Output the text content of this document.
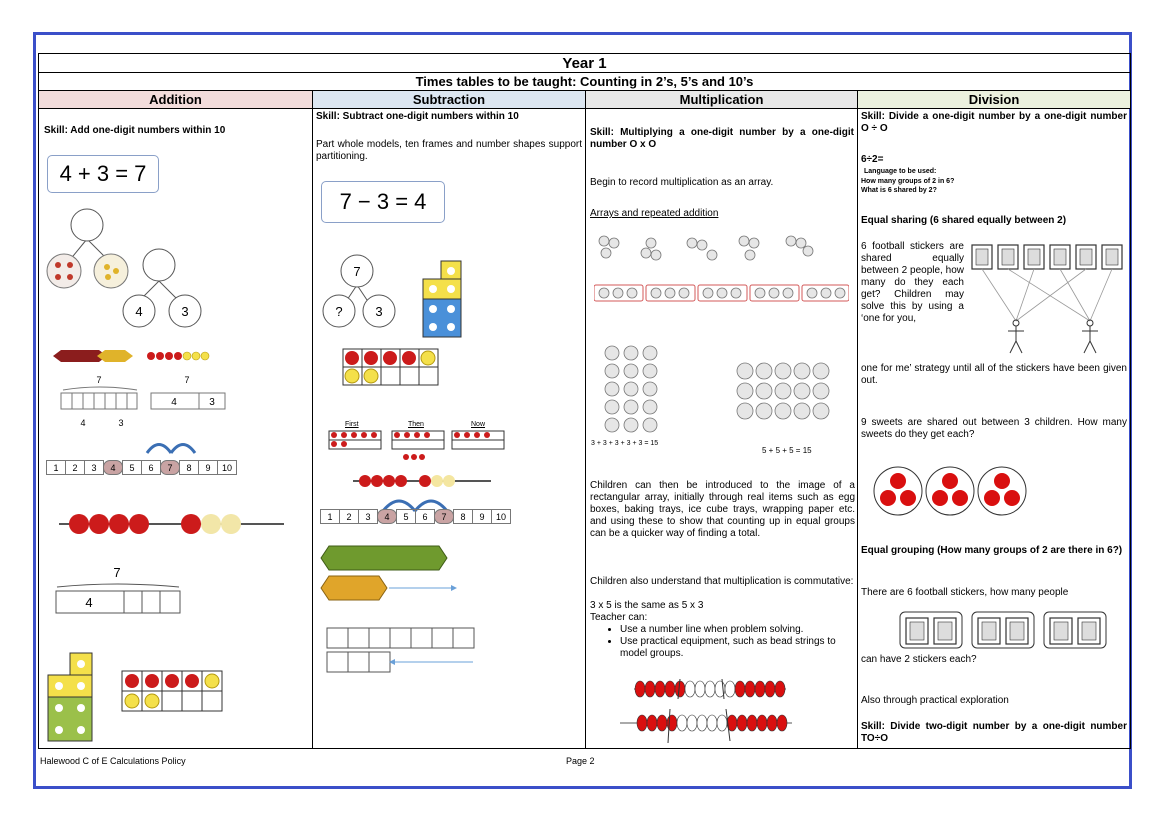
Year 1
Times tables to be taught: Counting in 2’s, 5’s and 10’s
Addition
Skill: Add one-digit numbers within 10
4 + 3 = 7
4	3
7
4	3
7
4	3
1	2	3	4	5	6	7	8	9	10
7
4
Subtraction
Skill: Subtract one-digit numbers within 10
Part whole models, ten frames and number shapes support partitioning.
7 − 3 = 4
7
?	3
First	Then	Now
1	2	3	4	5	6	7	8	9	10
Multiplication
Skill: Multiplying a one-digit number by a one-digit number O x O
Begin to record multiplication as an array.
Arrays and repeated addition
3 + 3 + 3 + 3 + 3 = 15
5 + 5 + 5 = 15
Children can then be introduced to the image of a rectangular array, initially through real items such as egg boxes, baking trays, ice cube trays, wrapping paper etc. and using these to show that counting up in equal groups can be a quicker way of finding a total.
Children also understand that multiplication is commutative:
3 x 5 is the same as 5 x 3
Teacher can:
• Use a number line when problem solving.
• Use practical equipment, such as bead strings to model groups.
Division
Skill: Divide a one-digit number by a one-digit number O ÷ O
6÷2=
Language to be used:
How many groups of 2 in 6?
What is 6 shared by 2?
Equal sharing (6 shared equally between 2)
6 football stickers are shared equally between 2 people, how many do they each get? Children may solve this by using a ‘one for you,
one for me’ strategy until all of the stickers have been given out.
9 sweets are shared out between 3 children. How many sweets do they get each?
Equal grouping (How many groups of 2 are there in 6?)
There are 6 football stickers, how many people
can have 2 stickers each?
Also through practical exploration
Skill: Divide two-digit number by a one-digit number TO÷O
Halewood C of E Calculations Policy	Page 2
